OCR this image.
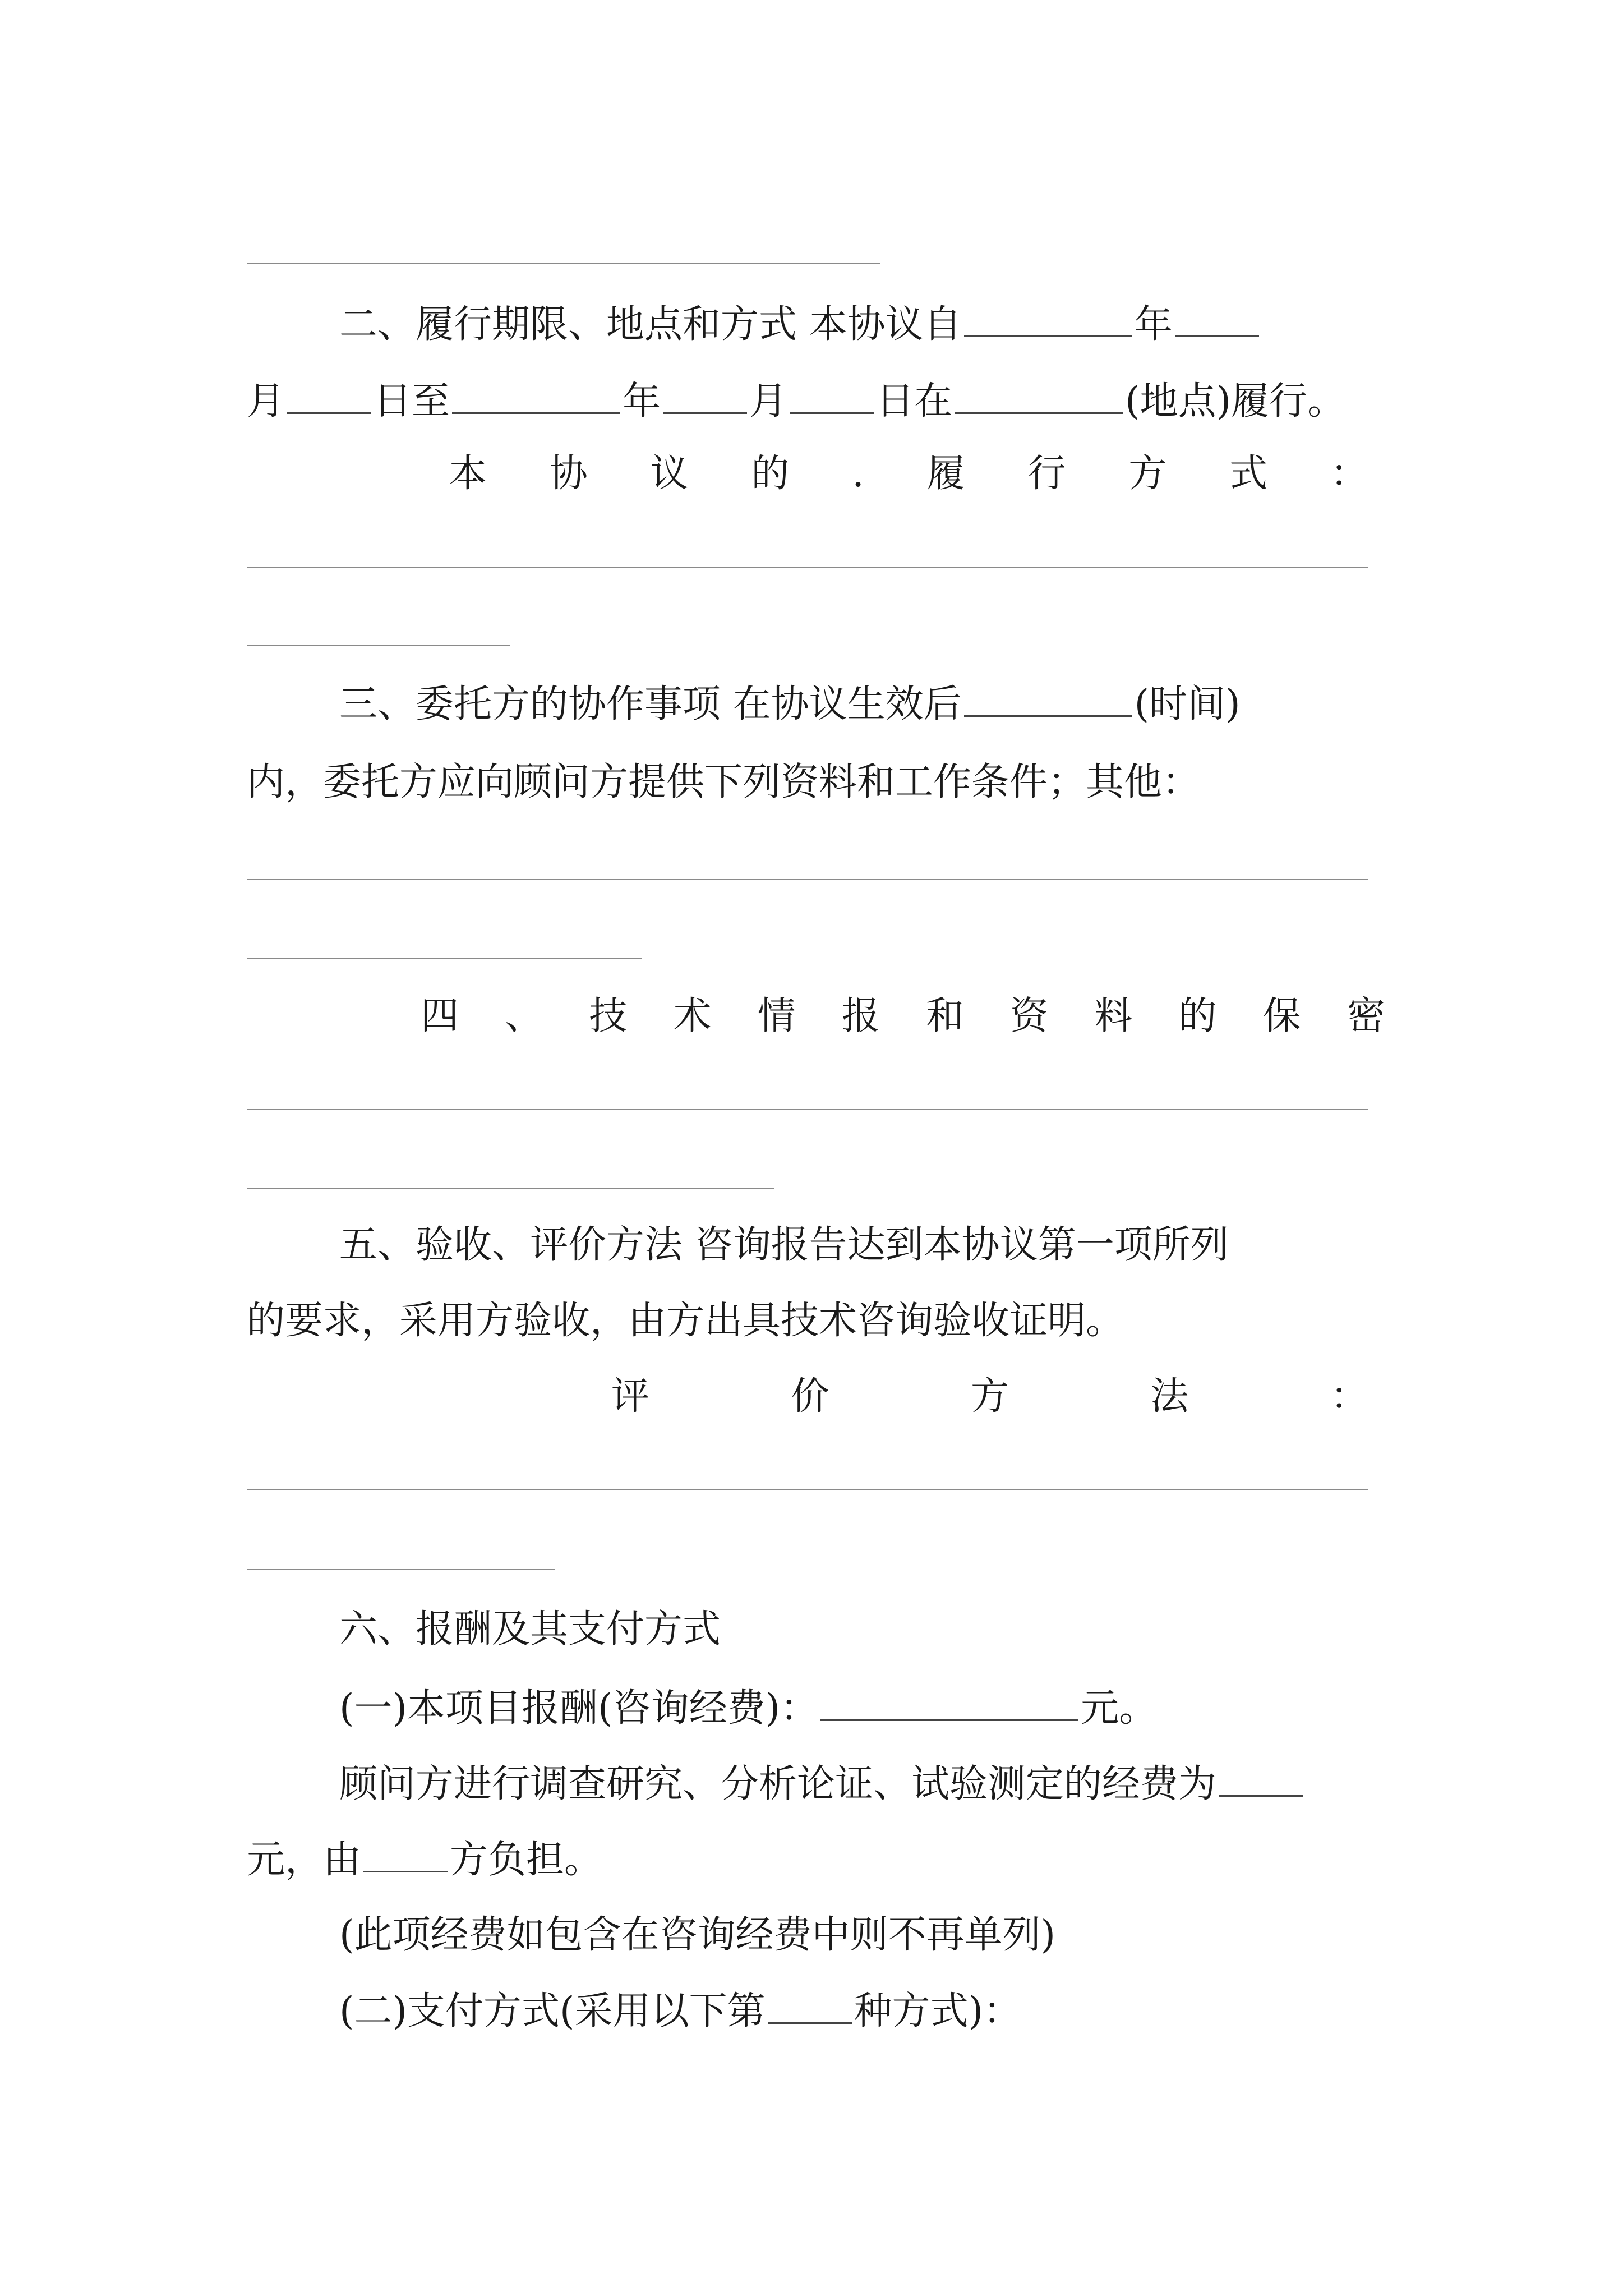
二、履行期限、地点和方式 本协议自	年
月 日至	年 月 日在	(地点)履行。
本 协 议 的 . 履 行 方 式 ：
三、委托方的协作事项 在协议生效后	(时间)
内，委托方应向顾问方提供下列资料和工作条件；其他：
四 、 技 术 情 报 和 资 料 的 保 密
五、验收、评价方法 咨询报告达到本协议第一项所列
的要求，采用方验收，由方出具技术咨询验收证明。
评	价	方	法	：
六、报酬及其支付方式
(一)本项目报酬(咨询经费)：	元。
顾问方进行调查研究、分析论证、试验测定的经费为
元，由 方负担。
(此项经费如包含在咨询经费中则不再单列)
(二)支付方式(采用以下第 种方式)：
